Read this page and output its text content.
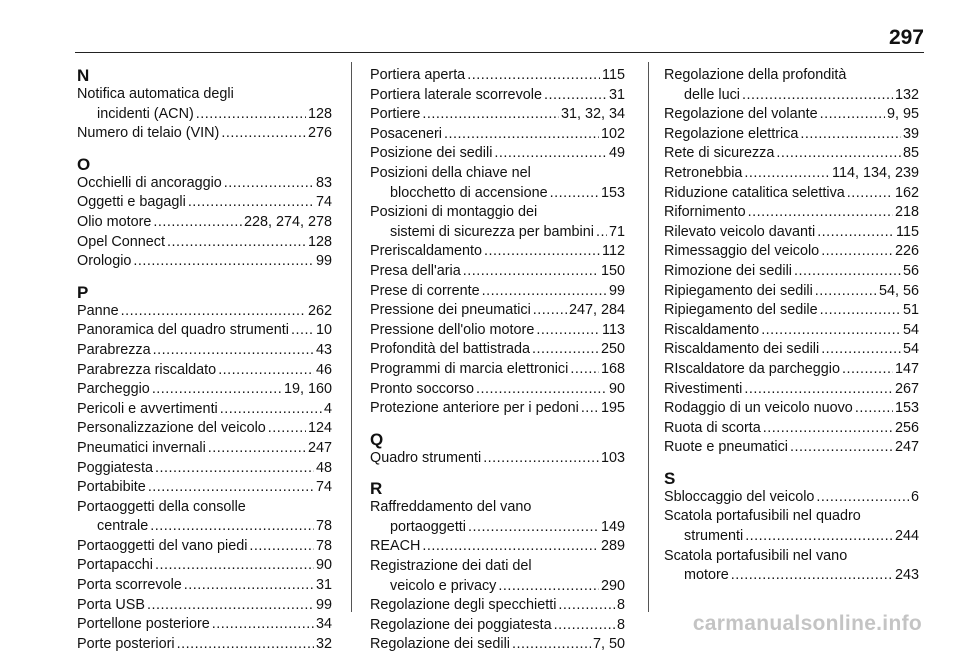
297
N
Notifica automatica degli
incidenti (ACN) .....	128
Numero di telaio (VIN) .....	276
O
Occhielli di ancoraggio .....	83
Oggetti e bagagli .....	74
Olio motore .....	228, 274, 278
Opel Connect .....	128
Orologio .....	99
P
Panne .....	262
Panoramica del quadro strumenti ..... 10
Parabrezza .....	43
Parabrezza riscaldato .....	46
Parcheggio .....	19, 160
Pericoli e avvertimenti .....	4
Personalizzazione del veicolo .....	124
Pneumatici invernali .....	247
Poggiatesta .....	48
Portabibite .....	74
Portaoggetti della consolle
centrale .....	78
Portaoggetti del vano piedi .....	78
Portapacchi .....	90
Porta scorrevole .....	31
Porta USB .....	99
Portellone posteriore .....	34
Porte posteriori .....	32
Portiera aperta .....	115
Portiera laterale scorrevole .....	31
Portiere .....	31, 32, 34
Posaceneri .....	102
Posizione dei sedili .....	49
Posizioni della chiave nel
blocchetto di accensione .....	153
Posizioni di montaggio dei
sistemi di sicurezza per bambini ..... 71
Preriscaldamento .....	112
Presa dell'aria .....	150
Prese di corrente .....	99
Pressione dei pneumatici .....	247, 284
Pressione dell'olio motore .....	113
Profondità del battistrada .....	250
Programmi di marcia elettronici ..... 168
Pronto soccorso .....	90
Protezione anteriore per i pedoni ..... 195
Q
Quadro strumenti .....	103
R
Raffreddamento del vano
portaoggetti .....	149
REACH .....	289
Registrazione dei dati del
veicolo e privacy .....	290
Regolazione degli specchietti .....	8
Regolazione dei poggiatesta .....	8
Regolazione dei sedili .....	7, 50
Regolazione della profondità
delle luci .....	132
Regolazione del volante .....	9, 95
Regolazione elettrica .....	39
Rete di sicurezza .....	85
Retronebbia .....	114, 134, 239
Riduzione catalitica selettiva .....	162
Rifornimento .....	218
Rilevato veicolo davanti .....	115
Rimessaggio del veicolo .....	226
Rimozione dei sedili .....	56
Ripiegamento dei sedili .....	54, 56
Ripiegamento del sedile .....	51
Riscaldamento .....	54
Riscaldamento dei sedili .....	54
RIscaldatore da parcheggio .....	147
Rivestimenti .....	267
Rodaggio di un veicolo nuovo .....	153
Ruota di scorta .....	256
Ruote e pneumatici .....	247
S
Sbloccaggio del veicolo .....	6
Scatola portafusibili nel quadro
strumenti .....	244
Scatola portafusibili nel vano
motore .....	243
carmanualsonline.info
